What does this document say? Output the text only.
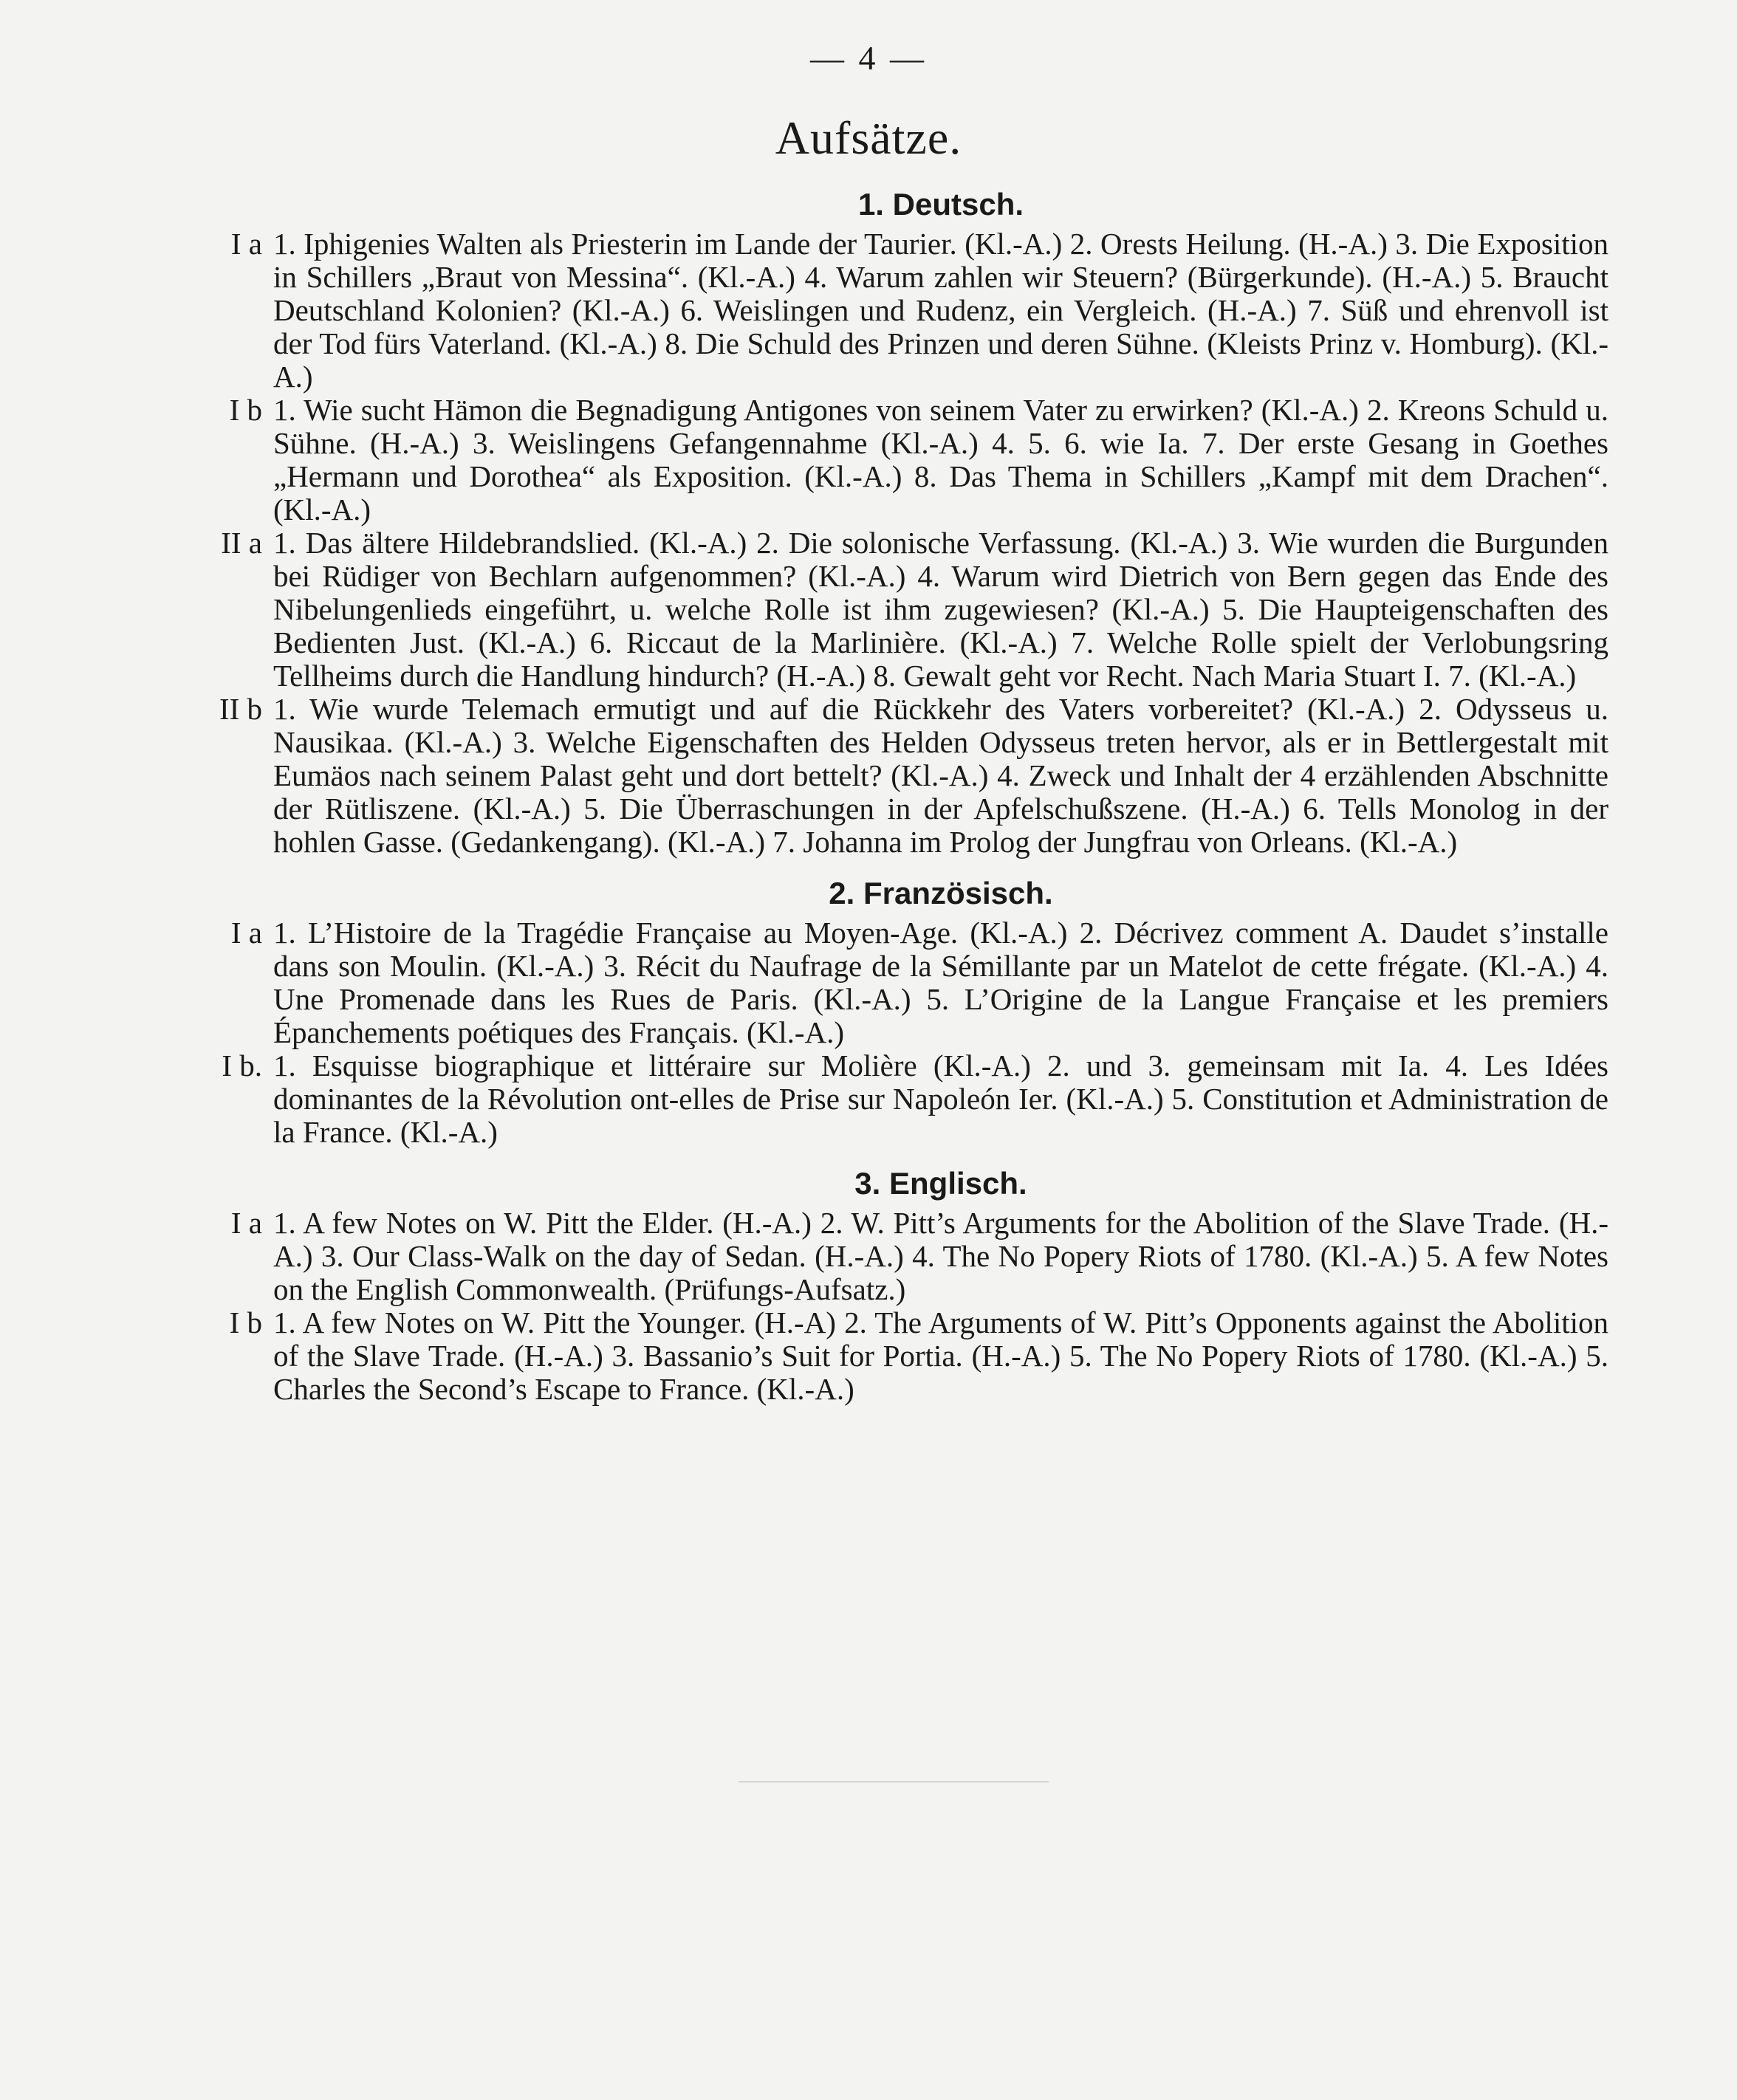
— 4 —
Aufsätze.
1. Deutsch.
I a 1. Iphigenies Walten als Priesterin im Lande der Taurier. (Kl.-A.) 2. Orests Heilung. (H.-A.) 3. Die Exposition in Schillers „Braut von Messina“. (Kl.-A.) 4. Warum zahlen wir Steuern? (Bürgerkunde). (H.-A.) 5. Braucht Deutschland Kolonien? (Kl.-A.) 6. Weislingen und Rudenz, ein Vergleich. (H.-A.) 7. Süß und ehrenvoll ist der Tod fürs Vaterland. (Kl.-A.) 8. Die Schuld des Prinzen und deren Sühne. (Kleists Prinz v. Homburg). (Kl.-A.)
I b 1. Wie sucht Hämon die Begnadigung Antigones von seinem Vater zu erwirken? (Kl.-A.) 2. Kreons Schuld u. Sühne. (H.-A.) 3. Weislingens Gefangennahme (Kl.-A.) 4. 5. 6. wie Ia. 7. Der erste Gesang in Goethes „Hermann und Dorothea“ als Exposition. (Kl.-A.) 8. Das Thema in Schillers „Kampf mit dem Drachen“. (Kl.-A.)
II a 1. Das ältere Hildebrandslied. (Kl.-A.) 2. Die solonische Verfassung. (Kl.-A.) 3. Wie wurden die Burgunden bei Rüdiger von Bechlarn aufgenommen? (Kl.-A.) 4. Warum wird Dietrich von Bern gegen das Ende des Nibelungenlieds eingeführt, u. welche Rolle ist ihm zugewiesen? (Kl.-A.) 5. Die Haupteigenschaften des Bedienten Just. (Kl.-A.) 6. Riccaut de la Marlinière. (Kl.-A.) 7. Welche Rolle spielt der Verlobungsring Tellheims durch die Handlung hindurch? (H.-A.) 8. Gewalt geht vor Recht. Nach Maria Stuart I. 7. (Kl.-A.)
II b 1. Wie wurde Telemach ermutigt und auf die Rückkehr des Vaters vorbereitet? (Kl.-A.) 2. Odysseus u. Nausikaa. (Kl.-A.) 3. Welche Eigenschaften des Helden Odysseus treten hervor, als er in Bettlergestalt mit Eumäos nach seinem Palast geht und dort bettelt? (Kl.-A.) 4. Zweck und Inhalt der 4 erzählenden Abschnitte der Rütliszene. (Kl.-A.) 5. Die Überraschungen in der Apfelschußszene. (H.-A.) 6. Tells Monolog in der hohlen Gasse. (Gedankengang). (Kl.-A.) 7. Johanna im Prolog der Jungfrau von Orleans. (Kl.-A.)
2. Französisch.
I a 1. L’Histoire de la Tragédie Française au Moyen-Age. (Kl.-A.) 2. Décrivez comment A. Daudet s’installe dans son Moulin. (Kl.-A.) 3. Récit du Naufrage de la Sémillante par un Matelot de cette frégate. (Kl.-A.) 4. Une Promenade dans les Rues de Paris. (Kl.-A.) 5. L’Origine de la Langue Française et les premiers Épanchements poétiques des Français. (Kl.-A.)
I b. 1. Esquisse biographique et littéraire sur Molière (Kl.-A.) 2. und 3. gemeinsam mit Ia. 4. Les Idées dominantes de la Révolution ont-elles de Prise sur Napoleón Ier. (Kl.-A.) 5. Constitution et Administration de la France. (Kl.-A.)
3. Englisch.
I a 1. A few Notes on W. Pitt the Elder. (H.-A.) 2. W. Pitt’s Arguments for the Abolition of the Slave Trade. (H.-A.) 3. Our Class-Walk on the day of Sedan. (H.-A.) 4. The No Popery Riots of 1780. (Kl.-A.) 5. A few Notes on the English Commonwealth. (Prüfungs-Aufsatz.)
I b 1. A few Notes on W. Pitt the Younger. (H.-A) 2. The Arguments of W. Pitt’s Opponents against the Abolition of the Slave Trade. (H.-A.) 3. Bassanio’s Suit for Portia. (H.-A.) 5. The No Popery Riots of 1780. (Kl.-A.) 5. Charles the Second’s Escape to France. (Kl.-A.)
